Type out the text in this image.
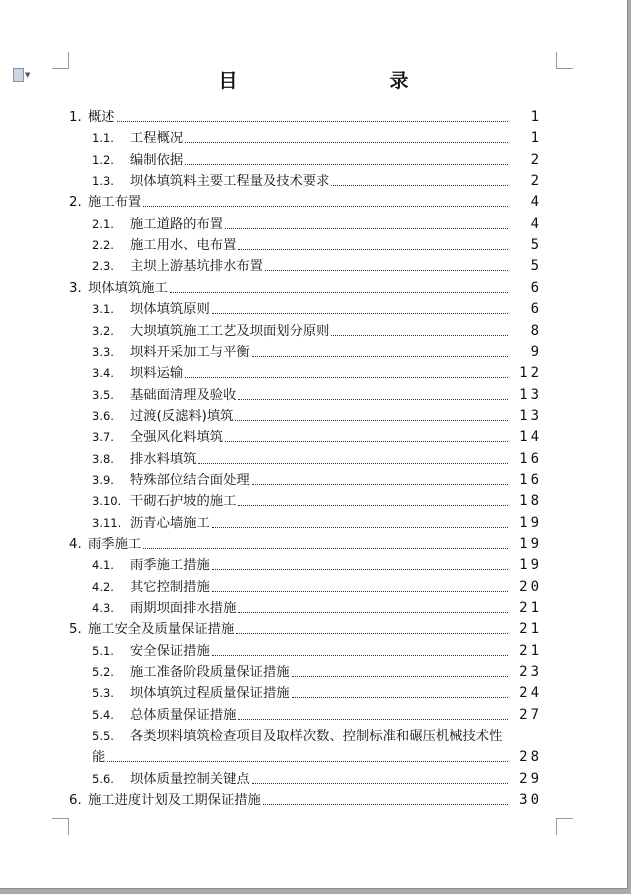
▼	目　　录
1. 概述	1
1.1. 工程概况	1
1.2. 编制依据	2
1.3. 坝体填筑料主要工程量及技术要求	2
2. 施工布置	4
2.1. 施工道路的布置	4
2.2. 施工用水、电布置	5
2.3. 主坝上游基坑排水布置	5
3. 坝体填筑施工	6
3.1. 坝体填筑原则	6
3.2. 大坝填筑施工工艺及坝面划分原则	8
3.3. 坝料开采加工与平衡	9
3.4. 坝料运输	12
3.5. 基础面清理及验收	13
3.6. 过渡(反滤料)填筑	13
3.7. 全强风化料填筑	14
3.8. 排水料填筑	16
3.9. 特殊部位结合面处理	16
3.10. 干砌石护坡的施工	18
3.11. 沥青心墙施工	19
4. 雨季施工	19
4.1. 雨季施工措施	19
4.2. 其它控制措施	20
4.3. 雨期坝面排水措施	21
5. 施工安全及质量保证措施	21
5.1. 安全保证措施	21
5.2. 施工准备阶段质量保证措施	23
5.3. 坝体填筑过程质量保证措施	24
5.4. 总体质量保证措施	27
5.5. 各类坝料填筑检查项目及取样次数、控制标准和碾压机械技术性
能	28
5.6. 坝体质量控制关键点	29
6. 施工进度计划及工期保证措施	30
